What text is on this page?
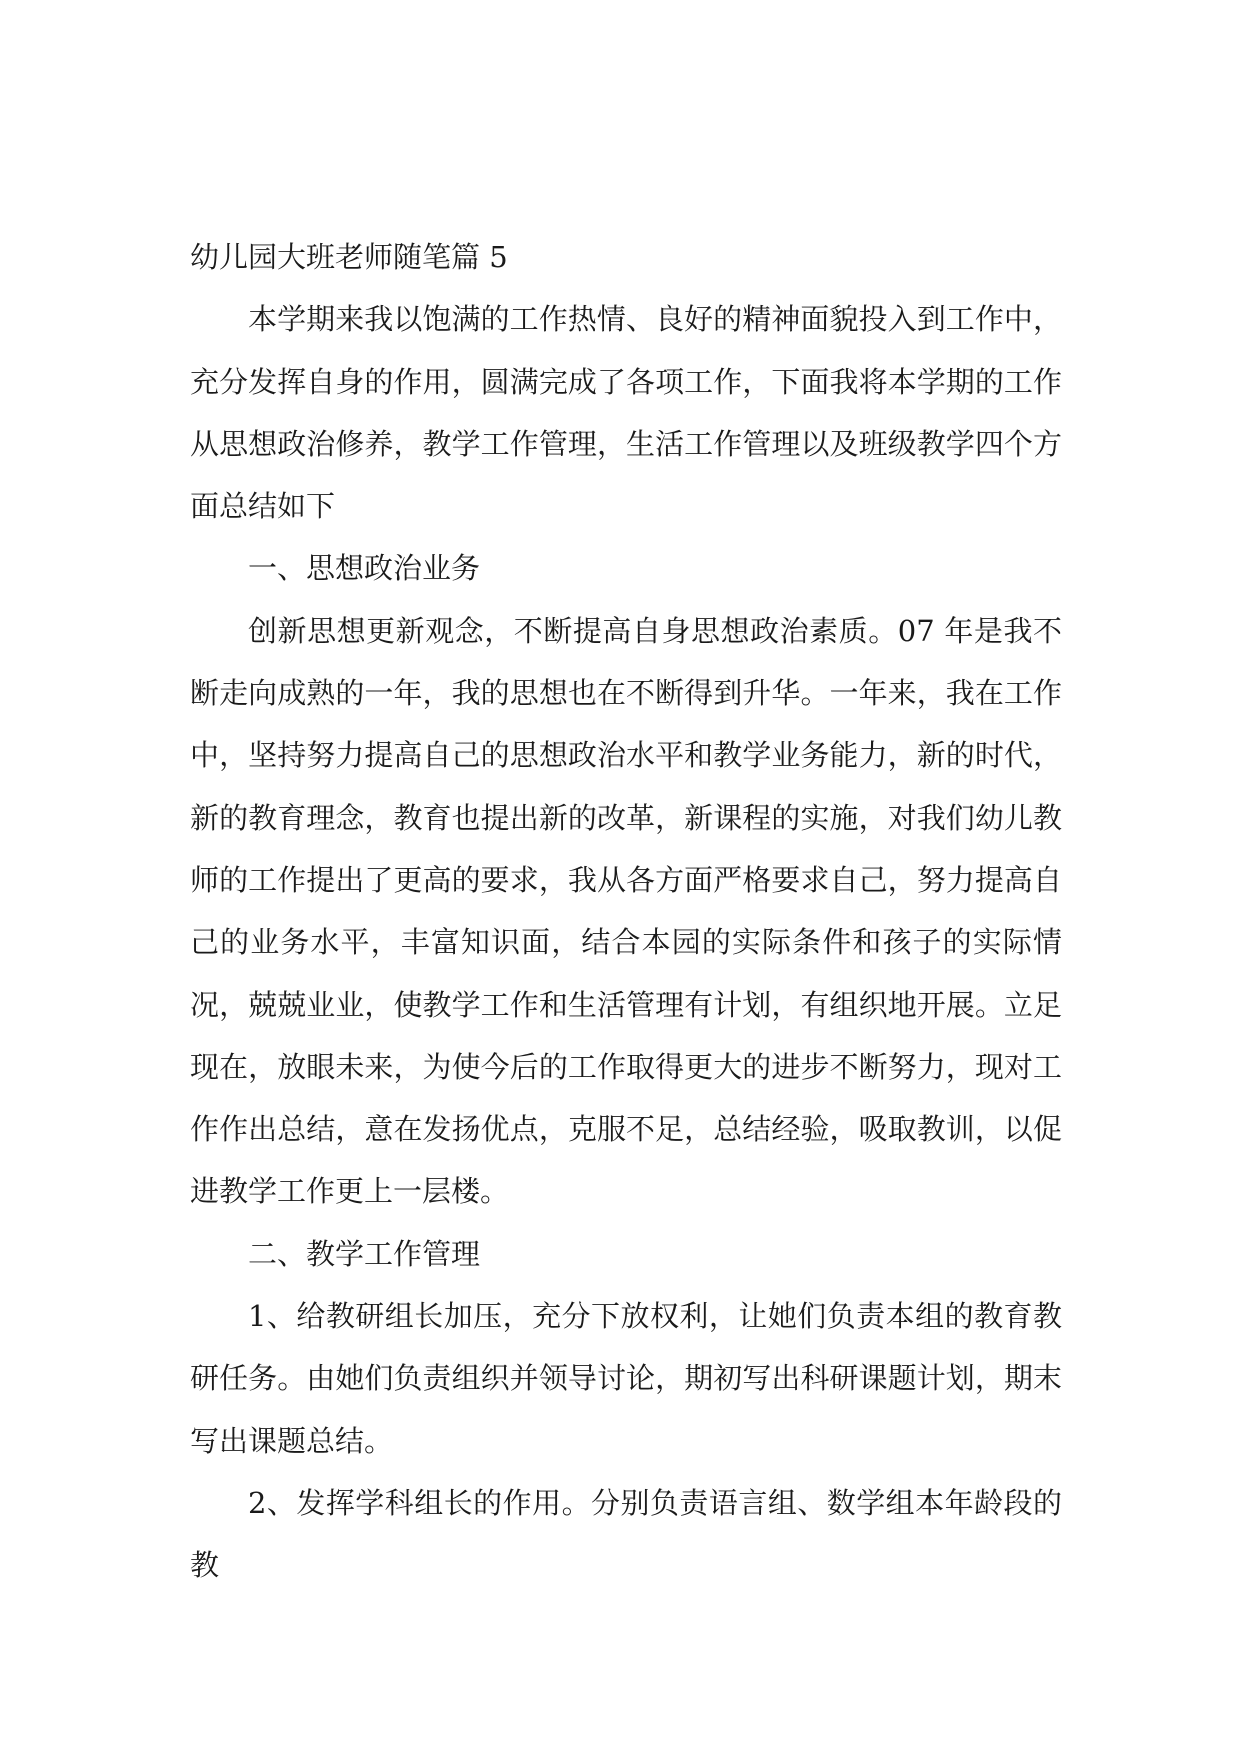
幼儿园大班老师随笔篇 5

本学期来我以饱满的工作热情、良好的精神面貌投入到工作中，充分发挥自身的作用，圆满完成了各项工作，下面我将本学期的工作从思想政治修养，教学工作管理，生活工作管理以及班级教学四个方面总结如下

一、思想政治业务

创新思想更新观念，不断提高自身思想政治素质。07 年是我不断走向成熟的一年，我的思想也在不断得到升华。一年来，我在工作中，坚持努力提高自己的思想政治水平和教学业务能力，新的时代，新的教育理念，教育也提出新的改革，新课程的实施，对我们幼儿教师的工作提出了更高的要求，我从各方面严格要求自己，努力提高自己的业务水平，丰富知识面，结合本园的实际条件和孩子的实际情况，兢兢业业，使教学工作和生活管理有计划，有组织地开展。立足现在，放眼未来，为使今后的工作取得更大的进步不断努力，现对工作作出总结，意在发扬优点，克服不足，总结经验，吸取教训，以促进教学工作更上一层楼。

二、教学工作管理

1、给教研组长加压，充分下放权利，让她们负责本组的教育教研任务。由她们负责组织并领导讨论，期初写出科研课题计划，期末写出课题总结。

2、发挥学科组长的作用。分别负责语言组、数学组本年龄段的教
